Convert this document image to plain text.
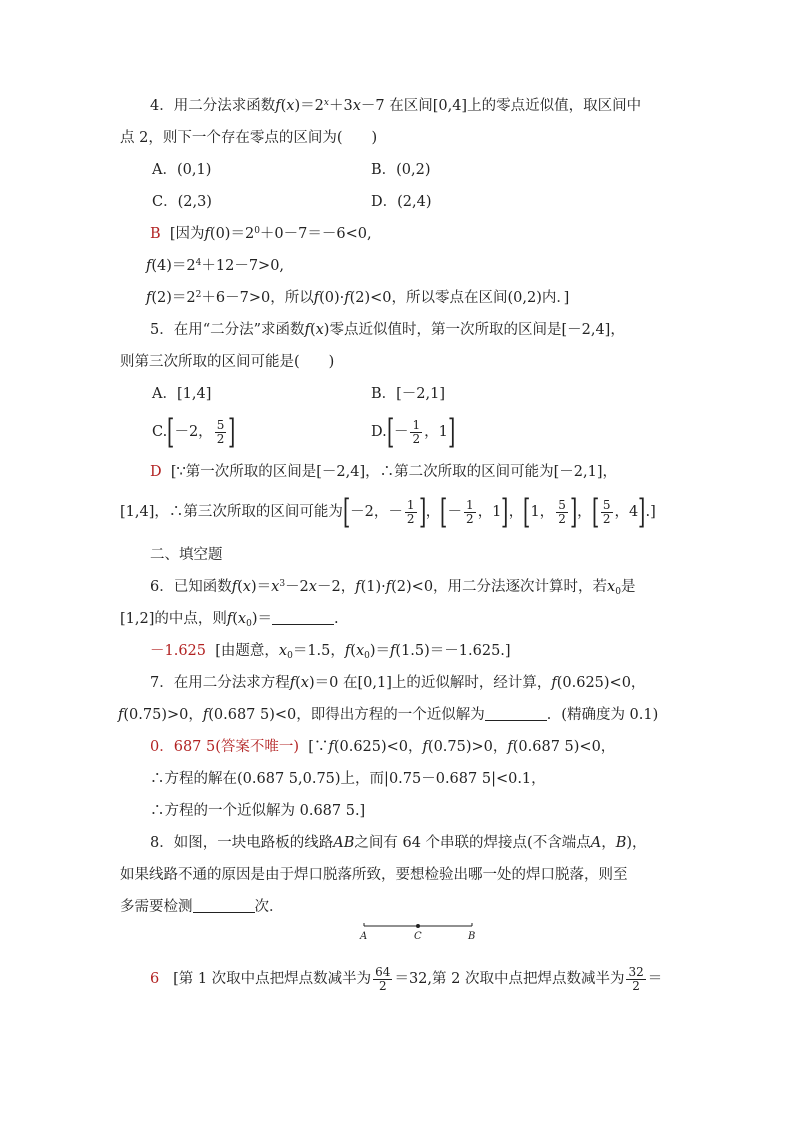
4．用二分法求函数$f(x)=2^x+3x-7$ 在区间[0,4]上的零点近似值，取区间中
点 2，则下一个存在零点的区间为(　　)
A．(0,1)	B．(0,2)
C．(2,3)	D．(2,4)
B [因为$f(0)=2^0+0-7=-6<0$,
$f(4)=2^4+12-7>0$,
$f(2)=2^2+6-7>0$，所以f(0)·f(2)<0，所以零点在区间(0,2)内．]
5．在用“二分法”求函数f(x)零点近似值时，第一次所取的区间是[－2,4]，
则第三次所取的区间可能是(　　)
A．[1,4]	B．[－2,1]
C.[－2， $\frac{5}{2}$ ]	$D.[- \frac{1}{2}$ ，1]
D [∵第一次所取的区间是[－2,4]，∴第二次所取的区间可能为[－2,1]，
[1,4]，∴第三次所取的区间可能为[－2，－ $\frac{1}{2}$ ]，[－ $\frac{1}{2}$ ，1]，[1， $\frac{5}{2}$ ]，[ $\frac{5}{2}$ ，4].]
二、填空题
6．已知函数$f(x)=x^3-2x-2$，f(1)·f(2)<0，用二分法逐次计算时，若$x_0$是
[1,2]的中点，则$f(x_0)=$	.
－1.625 [由题意，$x_0=1.5$，$f(x_0)=f(1.5)=-1.625$.]
7．在用二分法求方程f(x)＝0 在[0,1]上的近似解时，经计算，f(0.625)<0，
f(0.75)>0，f(0.687 5)<0，即得出方程的一个近似解为	．(精确度为 0.1)
0．687 5(答案不唯一) [∵f(0.625)<0，f(0.75)>0，f(0.687 5)<0，
∴方程的解在(0.687 5,0.75)上，而|0.75－0.687 5|<0.1，
∴方程的一个近似解为 0.687 5.]
8．如图，一块电路板的线路AB之间有 64 个串联的焊接点(不含端点A，B)，
如果线路不通的原因是由于焊口脱落所致，要想检验出哪一处的焊口脱落，则至
多需要检测	次．
A	C	B
6 [第 1 次取中点把焊点数减半为 $\frac{64}{2} =32$,第 2 次取中点把焊点数减半为 $\frac{32}{2}$ ＝
